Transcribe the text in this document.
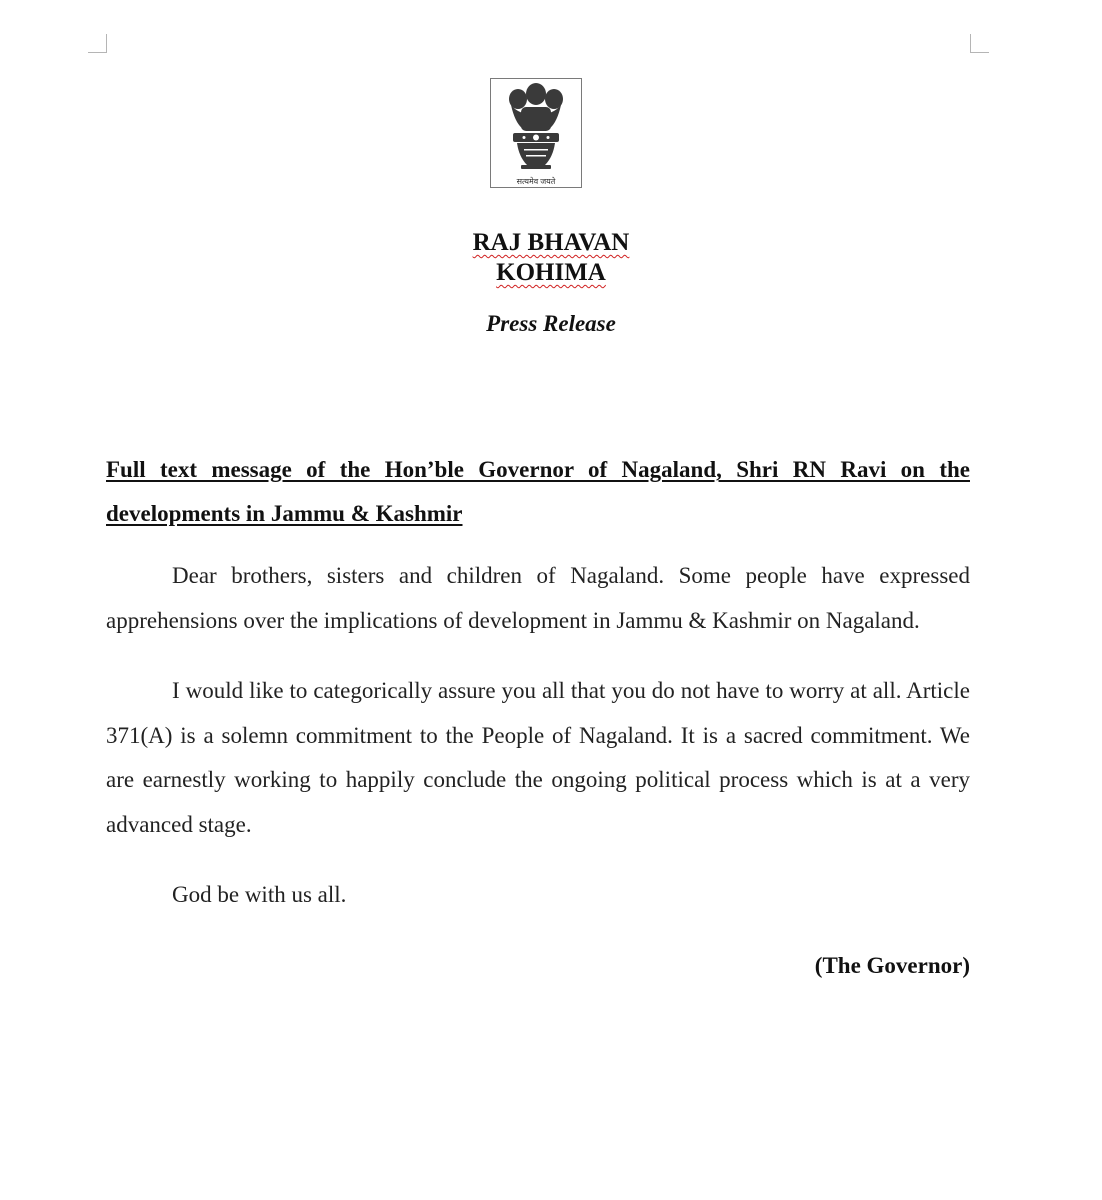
सत्यमेव जयते
RAJ BHAVAN
KOHIMA
Press Release

Full text message of the Hon’ble Governor of Nagaland, Shri RN Ravi on the developments in Jammu & Kashmir

Dear brothers, sisters and children of Nagaland. Some people have expressed apprehensions over the implications of development in Jammu & Kashmir on Nagaland.

I would like to categorically assure you all that you do not have to worry at all. Article 371(A) is a solemn commitment to the People of Nagaland. It is a sacred commitment. We are earnestly working to happily conclude the ongoing political process which is at a very advanced stage.

God be with us all.

(The Governor)
